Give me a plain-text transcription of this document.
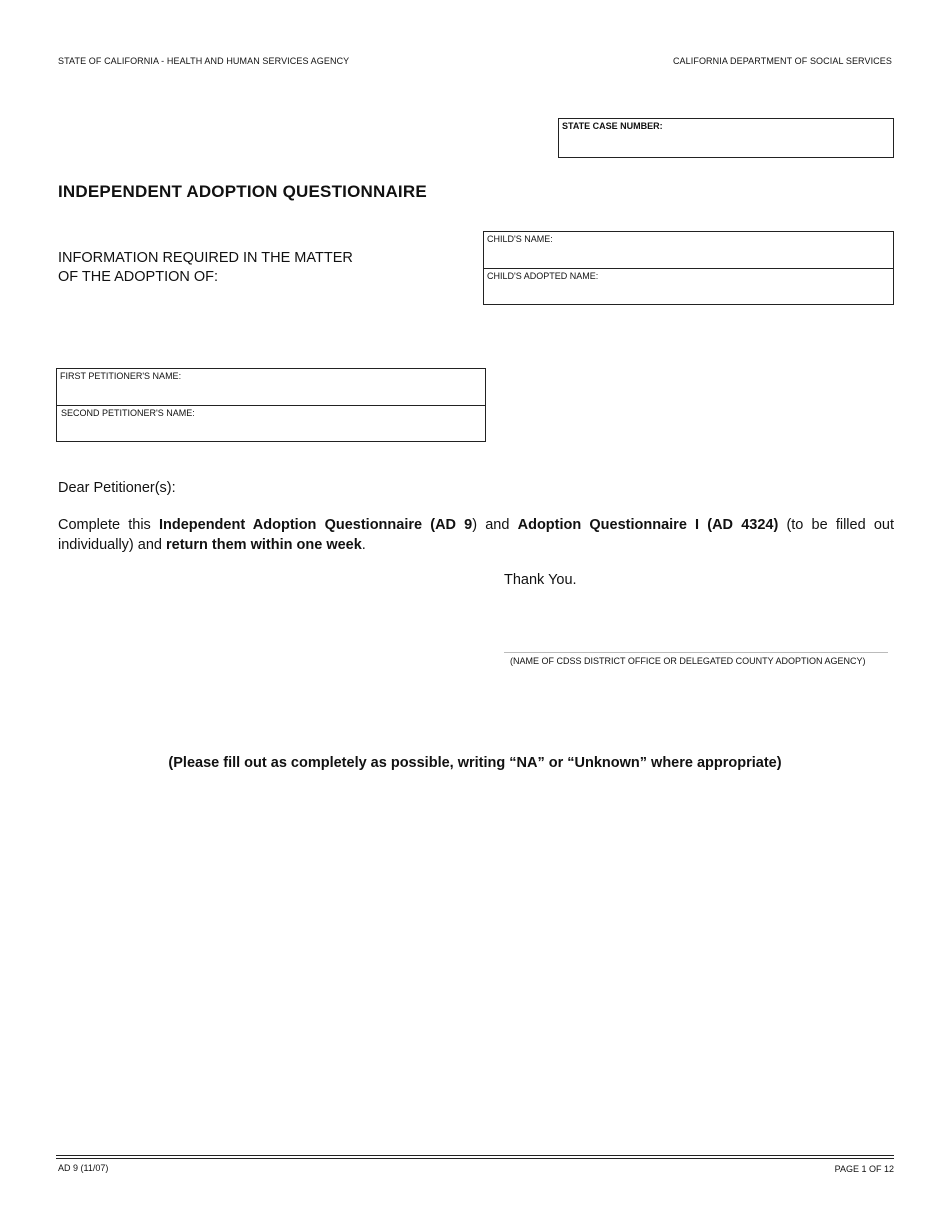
STATE OF CALIFORNIA - HEALTH AND HUMAN SERVICES AGENCY	CALIFORNIA DEPARTMENT OF SOCIAL SERVICES
STATE CASE NUMBER:
INDEPENDENT ADOPTION QUESTIONNAIRE
INFORMATION REQUIRED IN THE MATTER
OF THE ADOPTION OF:
CHILD'S NAME:
CHILD'S ADOPTED NAME:
FIRST PETITIONER'S NAME:
SECOND PETITIONER'S NAME:
Dear Petitioner(s):
Complete this Independent Adoption Questionnaire (AD 9) and Adoption Questionnaire I (AD 4324) (to be filled out individually) and return them within one week.
Thank You.
(NAME OF CDSS DISTRICT OFFICE OR DELEGATED COUNTY ADOPTION AGENCY)
(Please fill out as completely as possible, writing “NA” or “Unknown” where appropriate)
AD 9 (11/07)	PAGE 1 OF 12
